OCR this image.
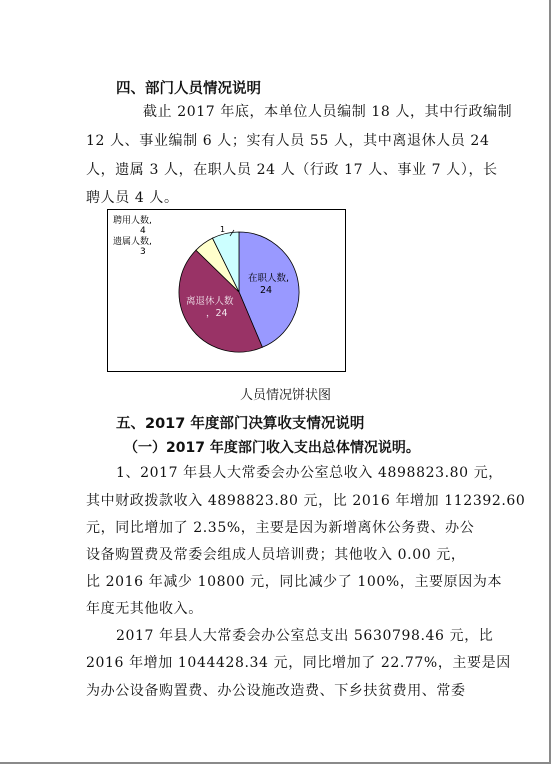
四、部门人员情况说明
截止 2017 年底，本单位人员编制 18 人，其中行政编制
12 人、事业编制 6 人；实有人员 55 人，其中离退休人员 24
人，遗属 3 人，在职人员 24 人（行政 17 人、事业 7 人），长
聘人员 4 人。
1
聘用人数,
4
遗属人数,
3
在职人数,
24
离退休人数
，24
人员情况饼状图
五、2017 年度部门决算收支情况说明
（一）2017 年度部门收入支出总体情况说明。
1、2017 年县人大常委会办公室总收入 4898823.80 元，
其中财政拨款收入 4898823.80 元，比 2016 年增加 112392.60
元，同比增加了 2.35%，主要是因为新增离休公务费、办公
设备购置费及常委会组成人员培训费；其他收入 0.00 元，
比 2016 年减少 10800 元，同比减少了 100%，主要原因为本
年度无其他收入。
2017 年县人大常委会办公室总支出 5630798.46 元，比
2016 年增加 1044428.34 元，同比增加了 22.77%，主要是因
为办公设备购置费、办公设施改造费、下乡扶贫费用、常委
